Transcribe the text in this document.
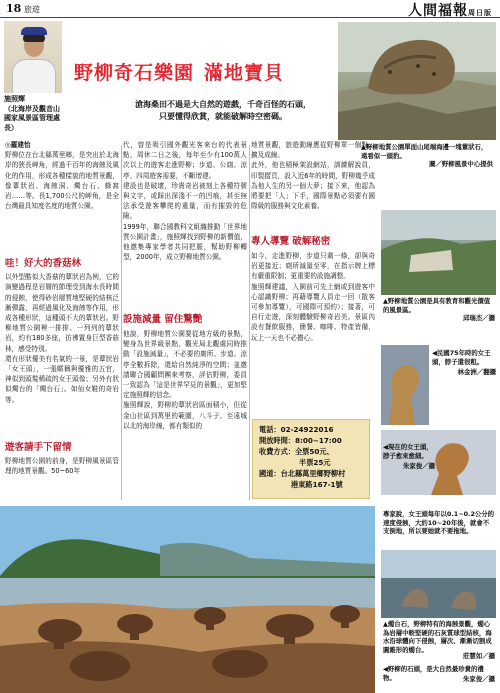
18 旅遊	人間福報周日版
施照輝
（北海岸及觀音山國家風景區管理處長）
野柳奇石樂園 滿地寶貝
滄海桑田不過是大自然的遊戲，千奇百怪的石頭，
只要懂得欣賞，就能破解時空密碼。
▲野柳地質公園單面山尾端海邊一塊蕈狀石，遠看似一頭豹。
圖／野柳風景中心提供
◎羅建怡
野柳位在台北縣萬里鄉，是突出於北海岸的狹長岬角，經過千百年的海蝕及風化的作用，形成各種樣貌的地質景觀，像蕈狀岩、海蝕洞、燭台石、蜂窩岩……等。長1,700公尺的岬角，是全台灣最具知度名度的地質公園。
哇！好大的香菇林
以外型酷似大香菇的蕈狀岩為例，它的演變過程是岩層的節理受到海水長時間的侵蝕，使得砂岩層質地堅硬的結核泛漸彈露，再經過風化及海蝕等作用，形成各種形狀，這種頭不大的蕈狀岩。野柳地質公園裡一排排、一列列的蕈狀岩，約有180多座，彷彿置身巨型香菇林，感受特別。
還有形狀優美有名氣的一景，是蕈狀岩「女王頭」，一張暱稱與優雅的五官，神似到頭髮稀疏的女王頭像；另外有狀似燭台的「燭台石」。如仙女鞋的奇岩等。
遊客請手下留情
野柳地質公園的前身，是野柳風景區管理的地質景觀。50~60年
代，曾是吸引國外觀光客來台的代表景點，周休二日之後，每年至少有100萬人次以上的遊客走進野柳；步道、公廁、涼亭、四周遊客需要，不斷增建。
建設也是破壞，珍貴奇岩被刻上各種符號與文字，或踩出深淺不一的凹痕，甚至無法承受遊客攀爬的重量，而有摧毀的危險。
1999年，聯合國教科文組織推動「世界地質公園計畫」，施照輝找到野柳的新價值，他邀集專家學者共同把脈，幫助野柳轉型，2000年，成立野柳地質公園。
設施減量 留住驚艷
他說，野柳地質公園要從地方級的景點，變身為世界級景點，觀光局北觀處同時推動「設施減量」，不必要的廁所、步道、涼亭全數拆除，還給自然純淨的空間；並邀請聯合國顧問團來考察，評估野柳，委員一致認為「這是世界罕見的景觀」，更加堅定施照輝的信念。
施照輝說，野柳的蕈狀岩區面積小，但從金山社區到萬里的範圍，八斗子、至遠城以北的海岸線，都有類似的
地質景觀，旅遊動線應從野柳單一個點，擴及成線。
此外，他也積極架設網站，訓練解說員，印製摺頁，設入近6年的時間，野柳幾乎成為他人生的另一個大夢；接下來，他認為將要把「人」下手，國際景點必須要有國際級的服務與文化素養。
專人導覽 破解秘密
如今，走進野柳，步道只剩一條，卻與奇岩更接近；廁所減量至零，在指示牌上標有嚴重限制；更重要的設施調整。
施照輝建議，入園前可先上網或到遊客中心認識野柳；再藉導覽人員走一回（散客可參加導覽），可國際可預約）；接著，可自行走遊，深刻體驗野柳奇岩美。景區內設有餐飲服務，簡餐、咖啡、特產皆備，玩上一天也不必擔心。
電話：02-24922016
開放時間：8:00~17:00
收費方式：全票50元、
半票25元
國道：台北縣萬里鄉野柳村
港東路167-1號
▲野柳地質公園是具有教育和觀光價值的風景區。
邱瑞杰／攝
◀民國75年時的女王頭，脖子還很粗。
林金洲／翻攝
◀現在的女王頭，脖子愈來愈細。
朱家俊／攝
專家說，女王頭每年以0.1~0.2公分的速度侵蝕，大約10~20年後，就會不支倒地，所以要她就不要拖地。
▲燭台石，野柳特有的海蝕景觀，燭心為岩層中較堅硬的石灰質球型結核，海水沿球體向下侵蝕，層次、漸漸切割成圓錐形的燭台。
莊慧如／攝
◀野柳的石頭，是大自然最珍貴的禮物。	朱家俊／攝
